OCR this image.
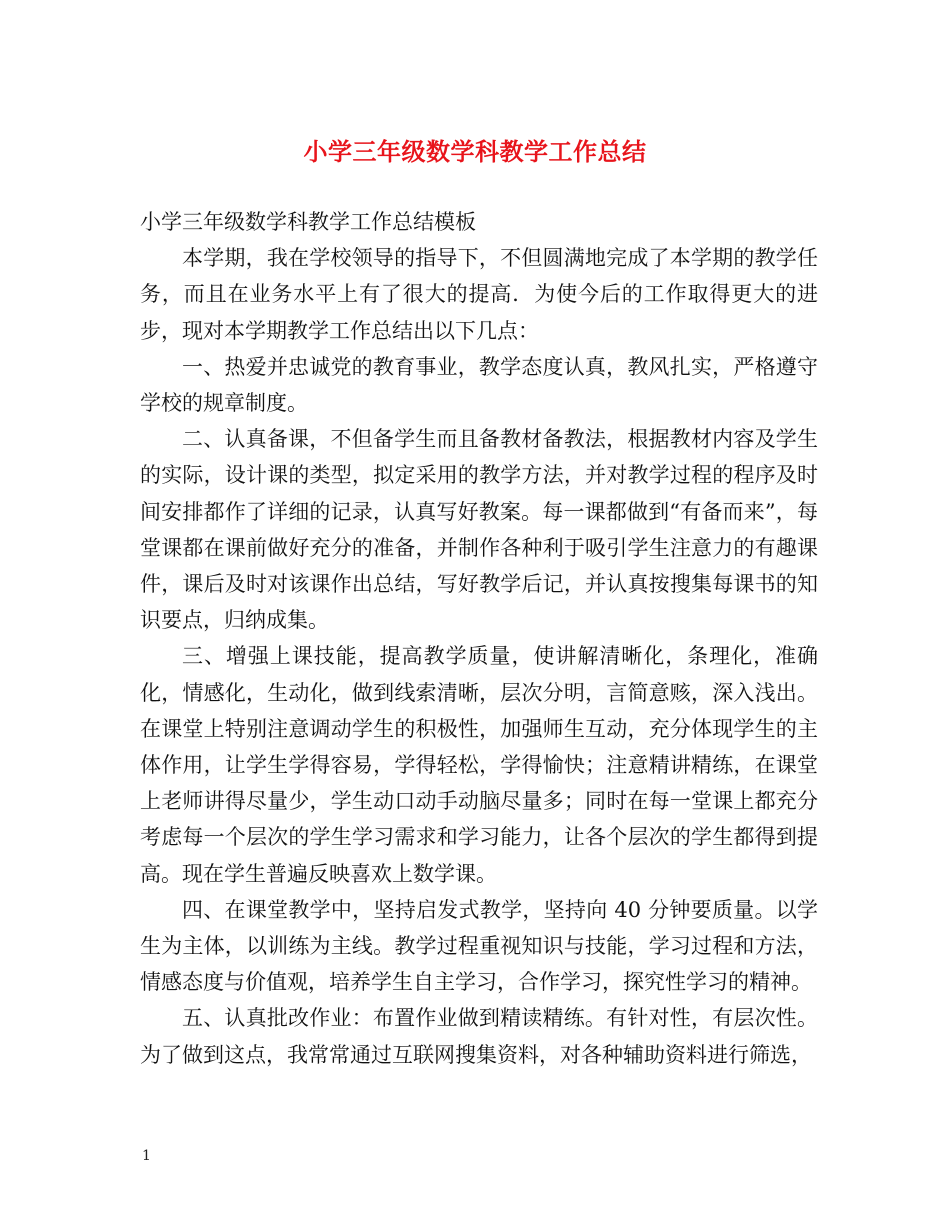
小学三年级数学科教学工作总结

小学三年级数学科教学工作总结模板

本学期，我在学校领导的指导下，不但圆满地完成了本学期的教学任务，而且在业务水平上有了很大的提高．为使今后的工作取得更大的进步，现对本学期教学工作总结出以下几点：

一、热爱并忠诚党的教育事业，教学态度认真，教风扎实，严格遵守学校的规章制度。

二、认真备课，不但备学生而且备教材备教法，根据教材内容及学生的实际，设计课的类型，拟定采用的教学方法，并对教学过程的程序及时间安排都作了详细的记录，认真写好教案。每一课都做到“有备而来”，每堂课都在课前做好充分的准备，并制作各种利于吸引学生注意力的有趣课件，课后及时对该课作出总结，写好教学后记，并认真按搜集每课书的知识要点，归纳成集。

三、增强上课技能，提高教学质量，使讲解清晰化，条理化，准确化，情感化，生动化，做到线索清晰，层次分明，言简意赅，深入浅出。在课堂上特别注意调动学生的积极性，加强师生互动，充分体现学生的主体作用，让学生学得容易，学得轻松，学得愉快；注意精讲精练，在课堂上老师讲得尽量少，学生动口动手动脑尽量多；同时在每一堂课上都充分考虑每一个层次的学生学习需求和学习能力，让各个层次的学生都得到提高。现在学生普遍反映喜欢上数学课。

四、在课堂教学中，坚持启发式教学，坚持向 40 分钟要质量。以学生为主体，以训练为主线。教学过程重视知识与技能，学习过程和方法，情感态度与价值观，培养学生自主学习，合作学习，探究性学习的精神。

五、认真批改作业：布置作业做到精读精练。有针对性，有层次性。为了做到这点，我常常通过互联网搜集资料，对各种辅助资料进行筛选，

1
